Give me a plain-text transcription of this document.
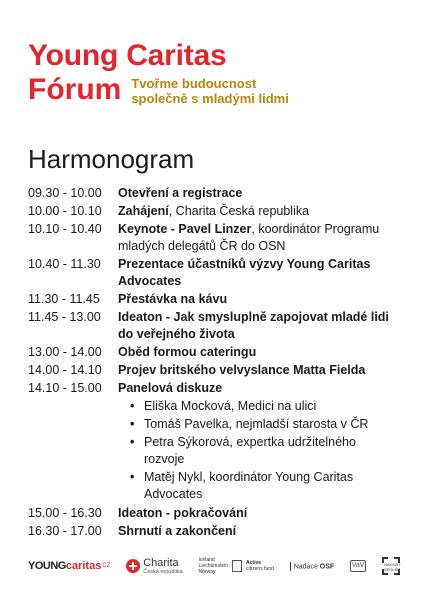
Young Caritas
Fórum Tvořme budoucnost
společně s mladými lidmi
Harmonogram
09.30 - 10.00	Otevření a registrace
10.00 - 10.10	Zahájení, Charita Česká republika
10.10 - 10.40	Keynote - Pavel Linzer, koordinátor Programu mladých delegátů ČR do OSN
10.40 - 11.30	Prezentace účastníků výzvy Young Caritas Advocates
11.30 - 11.45	Přestávka na kávu
11.45 - 13.00	Ideaton - Jak smysluplně zapojovat mladé lidi do veřejného života
13.00 - 14.00	Oběd formou cateringu
14.00 - 14.10	Projev britského velvyslance Matta Fielda
14.10 - 15.00	Panelová diskuze
• Eliška Mocková, Medici na ulici
• Tomáš Pavelka, nejmladší starosta v ČR
• Petra Sýkorová, expertka udržitelného rozvoje
• Matěj Nykl, koordinátor Young Caritas Advocates
15.00 - 16.30	Ideaton - pokračování
16.30 - 17.00	Shrnutí a zakončení
YOUNG caritas CZ	Charita
Česká republika
Iceland
Liechtenstein
Norway
Active
citizens fund	Nadace OSF	VaV	NAKAZIT SPOLEK
